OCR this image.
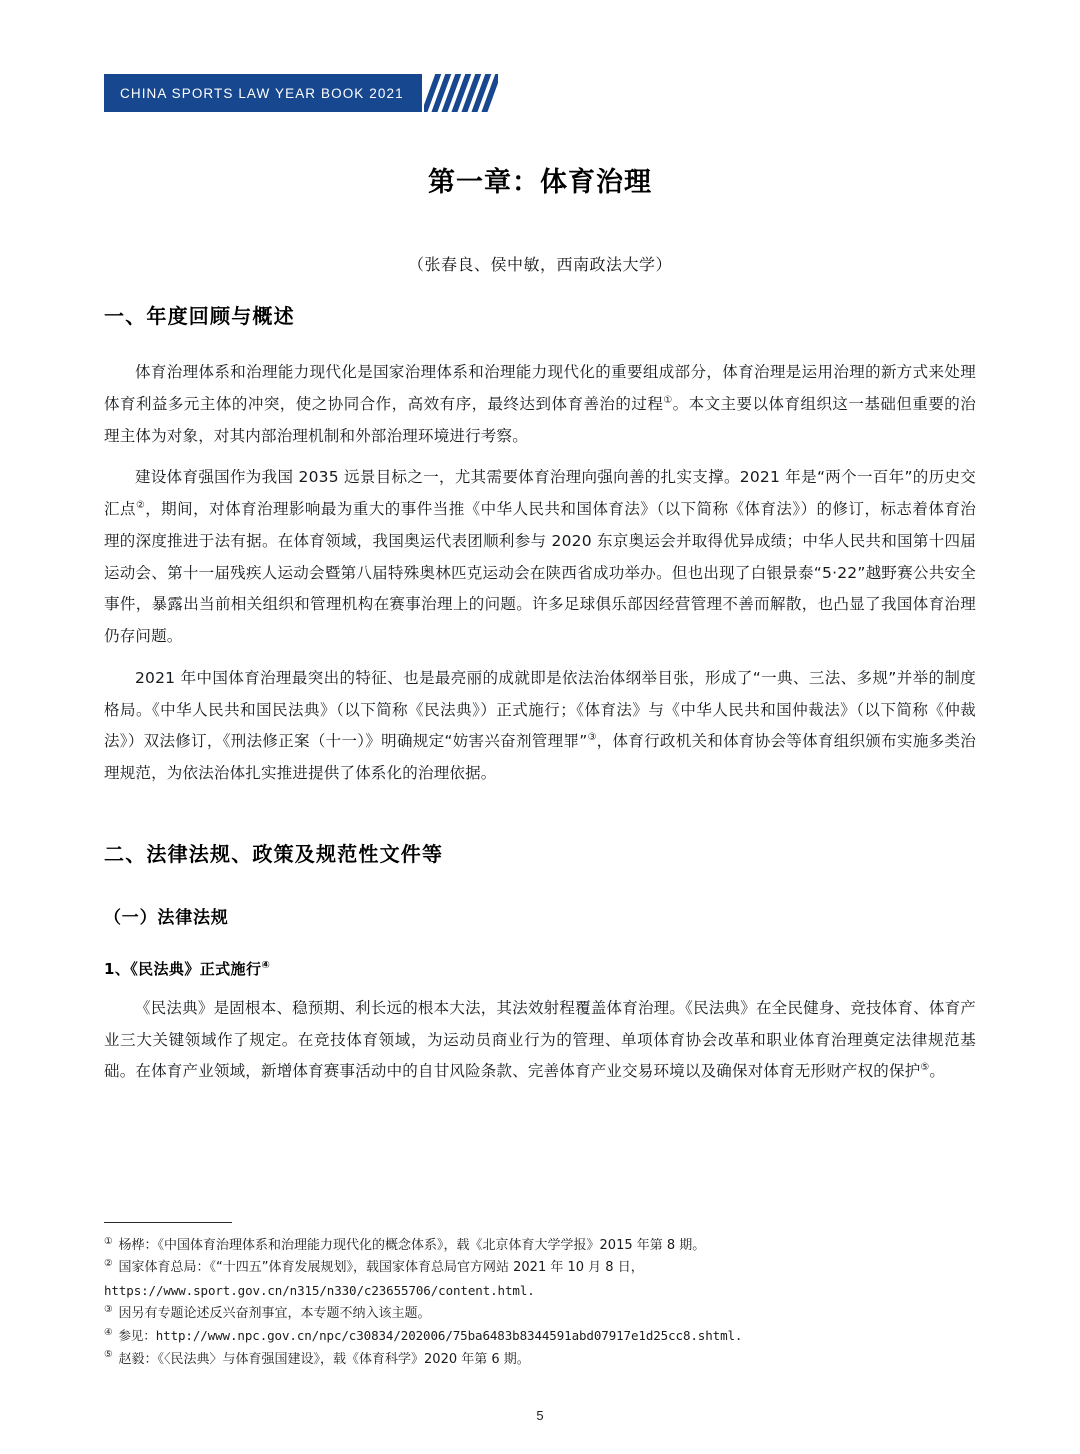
CHINA SPORTS LAW YEAR BOOK 2021
第一章：体育治理
（张春良、侯中敏，西南政法大学）
一、年度回顾与概述

体育治理体系和治理能力现代化是国家治理体系和治理能力现代化的重要组成部分，体育治理是运用治理的新方式来处理体育利益多元主体的冲突，使之协同合作，高效有序，最终达到体育善治的过程①。本文主要以体育组织这一基础但重要的治理主体为对象，对其内部治理机制和外部治理环境进行考察。

建设体育强国作为我国 2035 远景目标之一，尤其需要体育治理向强向善的扎实支撑。2021 年是“两个一百年”的历史交汇点②，期间，对体育治理影响最为重大的事件当推《中华人民共和国体育法》（以下简称《体育法》）的修订，标志着体育治理的深度推进于法有据。在体育领域，我国奥运代表团顺利参与 2020 东京奥运会并取得优异成绩；中华人民共和国第十四届运动会、第十一届残疾人运动会暨第八届特殊奥林匹克运动会在陕西省成功举办。但也出现了白银景泰“5·22”越野赛公共安全事件，暴露出当前相关组织和管理机构在赛事治理上的问题。许多足球俱乐部因经营管理不善而解散，也凸显了我国体育治理仍存问题。

2021 年中国体育治理最突出的特征、也是最亮丽的成就即是依法治体纲举目张，形成了“一典、三法、多规”并举的制度格局。《中华人民共和国民法典》（以下简称《民法典》）正式施行；《体育法》与《中华人民共和国仲裁法》（以下简称《仲裁法》）双法修订，《刑法修正案（十一）》明确规定“妨害兴奋剂管理罪”③，体育行政机关和体育协会等体育组织颁布实施多类治理规范，为依法治体扎实推进提供了体系化的治理依据。

二、法律法规、政策及规范性文件等
（一）法律法规
1、《民法典》正式施行④

《民法典》是固根本、稳预期、利长远的根本大法，其法效射程覆盖体育治理。《民法典》在全民健身、竞技体育、体育产业三大关键领域作了规定。在竞技体育领域，为运动员商业行为的管理、单项体育协会改革和职业体育治理奠定法律规范基础。在体育产业领域，新增体育赛事活动中的自甘风险条款、完善体育产业交易环境以及确保对体育无形财产权的保护⑤。

① 杨桦：《中国体育治理体系和治理能力现代化的概念体系》，载《北京体育大学学报》2015 年第 8 期。
② 国家体育总局：《“十四五”体育发展规划》，载国家体育总局官方网站 2021 年 10 月 8 日，
https://www.sport.gov.cn/n315/n330/c23655706/content.html.
③ 因另有专题论述反兴奋剂事宜，本专题不纳入该主题。
④ 参见：http://www.npc.gov.cn/npc/c30834/202006/75ba6483b8344591abd07917e1d25cc8.shtml.
⑤ 赵毅：《〈民法典〉与体育强国建设》，载《体育科学》2020 年第 6 期。
5
